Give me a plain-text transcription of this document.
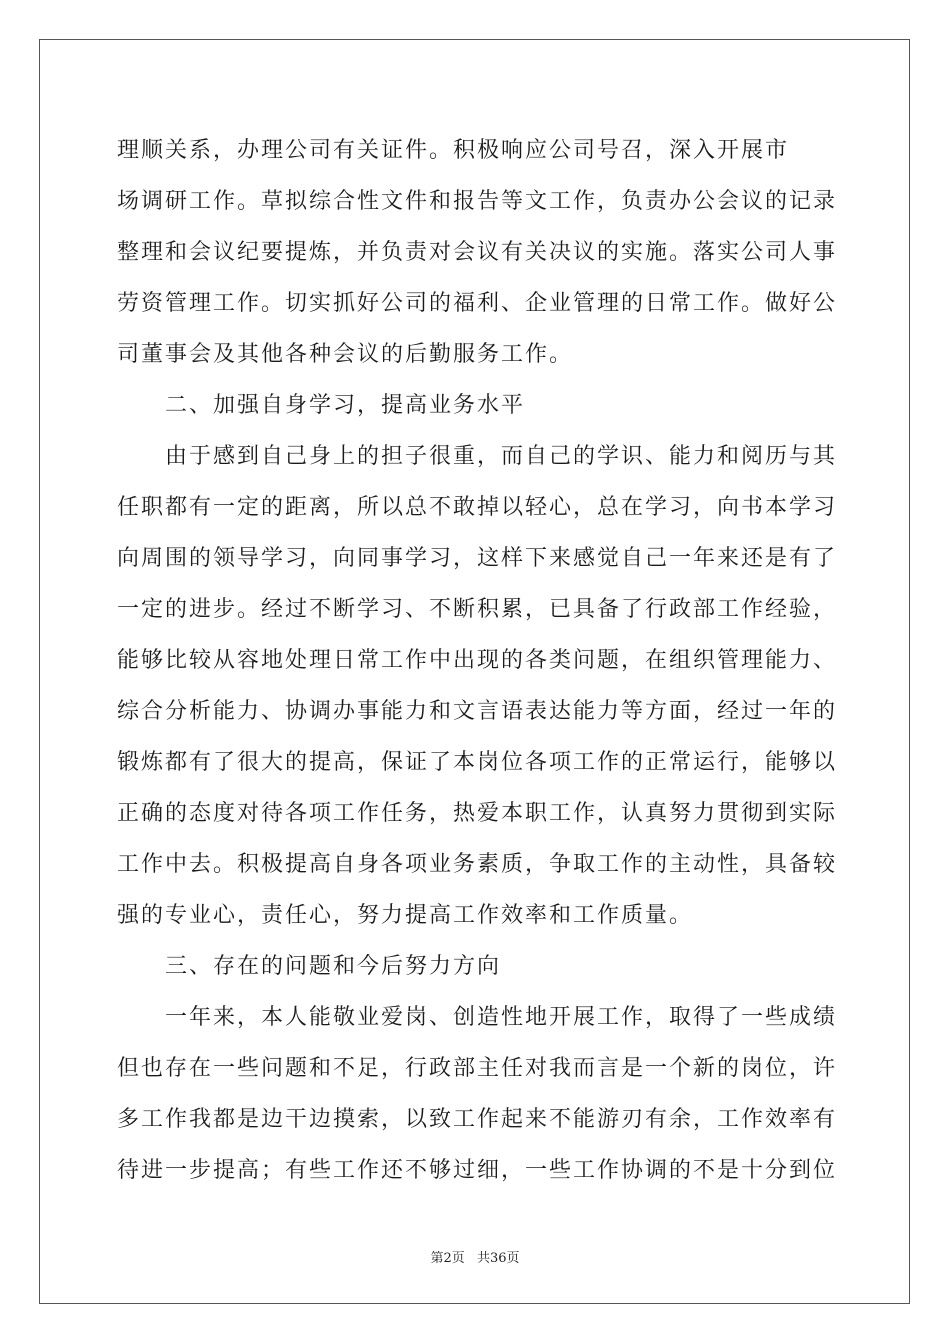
理顺关系，办理公司有关证件。积极响应公司号召，深入开展市
场调研工作。草拟综合性文件和报告等文工作，负责办公会议的记录
整理和会议纪要提炼，并负责对会议有关决议的实施。落实公司人事
劳资管理工作。切实抓好公司的福利、企业管理的日常工作。做好公
司董事会及其他各种会议的后勤服务工作。
二、加强自身学习，提高业务水平
由于感到自己身上的担子很重，而自己的学识、能力和阅历与其
任职都有一定的距离，所以总不敢掉以轻心，总在学习，向书本学习
向周围的领导学习，向同事学习，这样下来感觉自己一年来还是有了
一定的进步。经过不断学习、不断积累，已具备了行政部工作经验，
能够比较从容地处理日常工作中出现的各类问题，在组织管理能力、
综合分析能力、协调办事能力和文言语表达能力等方面，经过一年的
锻炼都有了很大的提高，保证了本岗位各项工作的正常运行，能够以
正确的态度对待各项工作任务，热爱本职工作，认真努力贯彻到实际
工作中去。积极提高自身各项业务素质，争取工作的主动性，具备较
强的专业心，责任心，努力提高工作效率和工作质量。
三、存在的问题和今后努力方向
一年来，本人能敬业爱岗、创造性地开展工作，取得了一些成绩
但也存在一些问题和不足，行政部主任对我而言是一个新的岗位，许
多工作我都是边干边摸索，以致工作起来不能游刃有余，工作效率有
待进一步提高；有些工作还不够过细，一些工作协调的不是十分到位
第2页 共36页
